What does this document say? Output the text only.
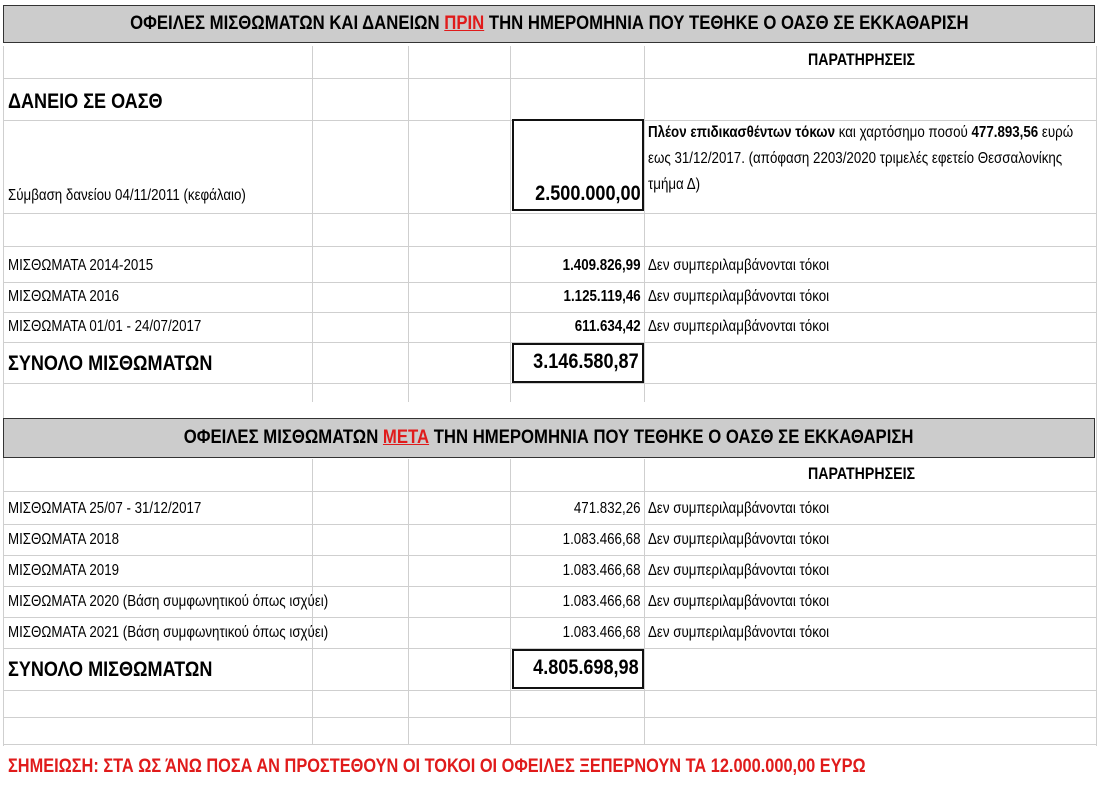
ΟΦΕΙΛΕΣ ΜΙΣΘΩΜΑΤΩΝ ΚΑΙ ΔΑΝΕΙΩΝ ΠΡΙΝ ΤΗΝ ΗΜΕΡΟΜΗΝΙΑ ΠΟΥ ΤΕΘΗΚΕ Ο ΟΑΣΘ ΣΕ ΕΚΚΑΘΑΡΙΣΗ
ΠΑΡΑΤΗΡΗΣΕΙΣ
ΔΑΝΕΙΟ ΣΕ ΟΑΣΘ
Σύμβαση δανείου 04/11/2011 (κεφάλαιο)	2.500.000,00
Πλέον επιδικασθέντων τόκων και χαρτόσημο ποσού 477.893,56 ευρώ εως 31/12/2017. (απόφαση 2203/2020 τριμελές εφετείο Θεσσαλονίκης τμήμα Δ)
ΜΙΣΘΩΜΑΤΑ 2014-2015	1.409.826,99 Δεν συμπεριλαμβάνονται τόκοι
ΜΙΣΘΩΜΑΤΑ 2016	1.125.119,46 Δεν συμπεριλαμβάνονται τόκοι
ΜΙΣΘΩΜΑΤΑ 01/01 - 24/07/2017	611.634,42 Δεν συμπεριλαμβάνονται τόκοι
ΣΥΝΟΛΟ ΜΙΣΘΩΜΑΤΩΝ	3.146.580,87
ΟΦΕΙΛΕΣ ΜΙΣΘΩΜΑΤΩΝ ΜΕΤΑ ΤΗΝ ΗΜΕΡΟΜΗΝΙΑ ΠΟΥ ΤΕΘΗΚΕ Ο ΟΑΣΘ ΣΕ ΕΚΚΑΘΑΡΙΣΗ
ΠΑΡΑΤΗΡΗΣΕΙΣ
ΜΙΣΘΩΜΑΤΑ 25/07 - 31/12/2017	471.832,26 Δεν συμπεριλαμβάνονται τόκοι
ΜΙΣΘΩΜΑΤΑ 2018	1.083.466,68 Δεν συμπεριλαμβάνονται τόκοι
ΜΙΣΘΩΜΑΤΑ 2019	1.083.466,68 Δεν συμπεριλαμβάνονται τόκοι
ΜΙΣΘΩΜΑΤΑ 2020 (Βάση συμφωνητικού όπως ισχύει)	1.083.466,68 Δεν συμπεριλαμβάνονται τόκοι
ΜΙΣΘΩΜΑΤΑ 2021 (Βάση συμφωνητικού όπως ισχύει)	1.083.466,68 Δεν συμπεριλαμβάνονται τόκοι
ΣΥΝΟΛΟ ΜΙΣΘΩΜΑΤΩΝ	4.805.698,98
ΣΗΜΕΙΩΣΗ: ΣΤΑ ΩΣ ΆΝΩ ΠΟΣΑ ΑΝ ΠΡΟΣΤΕΘΟΥΝ ΟΙ ΤΟΚΟΙ ΟΙ ΟΦΕΙΛΕΣ ΞΕΠΕΡΝΟΥΝ ΤΑ 12.000.000,00 ΕΥΡΩ
